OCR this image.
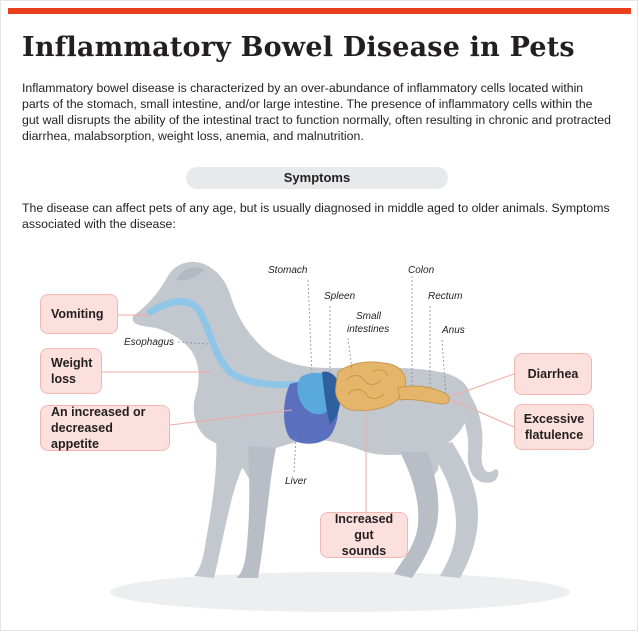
Inflammatory Bowel Disease in Pets

Inflammatory bowel disease is characterized by an over-abundance of inflammatory cells located within parts of the stomach, small intestine, and/or large intestine. The presence of inflammatory cells within the gut wall disrupts the ability of the intestinal tract to function normally, often resulting in chronic and protracted diarrhea, malabsorption, weight loss, anemia, and malnutrition.

Symptoms

The disease can affect pets of any age, but is usually diagnosed in middle aged to older animals. Symptoms associated with the disease:

Stomach
Spleen
Small
intestines
Colon
Rectum
Anus
Esophagus
Liver
Vomiting
Weight
loss
An increased or
decreased appetite
Diarrhea
Excessive
flatulence
Increased
gut sounds
